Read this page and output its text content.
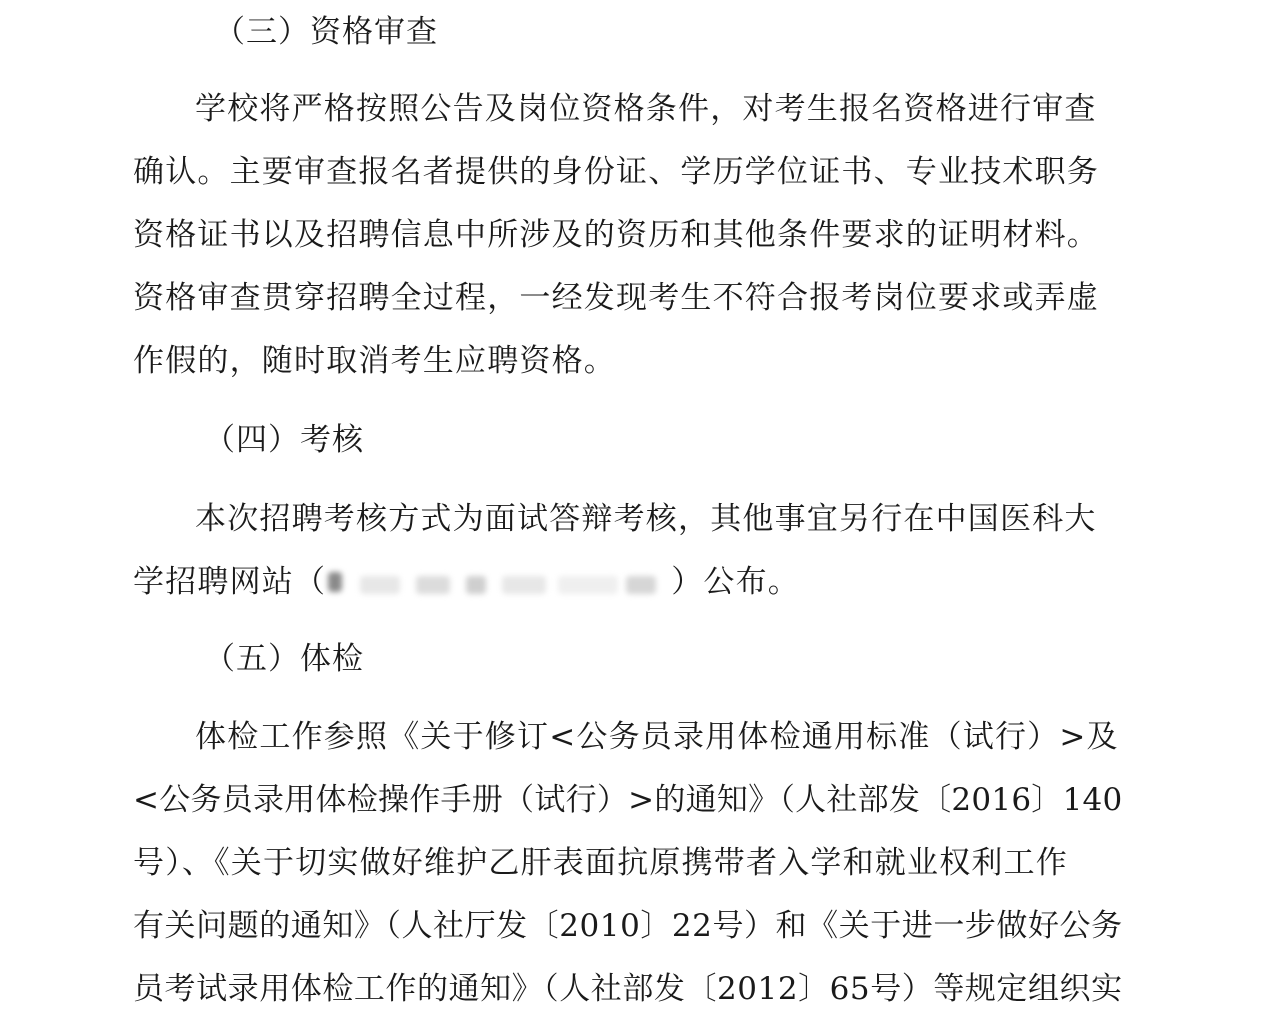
（三）资格审查
学校将严格按照公告及岗位资格条件，对考生报名资格进行审查
确认。主要审查报名者提供的身份证、学历学位证书、专业技术职务
资格证书以及招聘信息中所涉及的资历和其他条件要求的证明材料。
资格审查贯穿招聘全过程，一经发现考生不符合报考岗位要求或弄虚
作假的，随时取消考生应聘资格。
（四）考核
本次招聘考核方式为面试答辩考核，其他事宜另行在中国医科大
学招聘网站（	）公布。
（五）体检
体检工作参照《关于修订<公务员录用体检通用标准（试行）>及
<公务员录用体检操作手册（试行）>的通知》（人社部发〔2016〕140
号）、《关于切实做好维护乙肝表面抗原携带者入学和就业权利工作
有关问题的通知》（人社厅发〔2010〕22号）和《关于进一步做好公务
员考试录用体检工作的通知》（人社部发〔2012〕65号）等规定组织实
